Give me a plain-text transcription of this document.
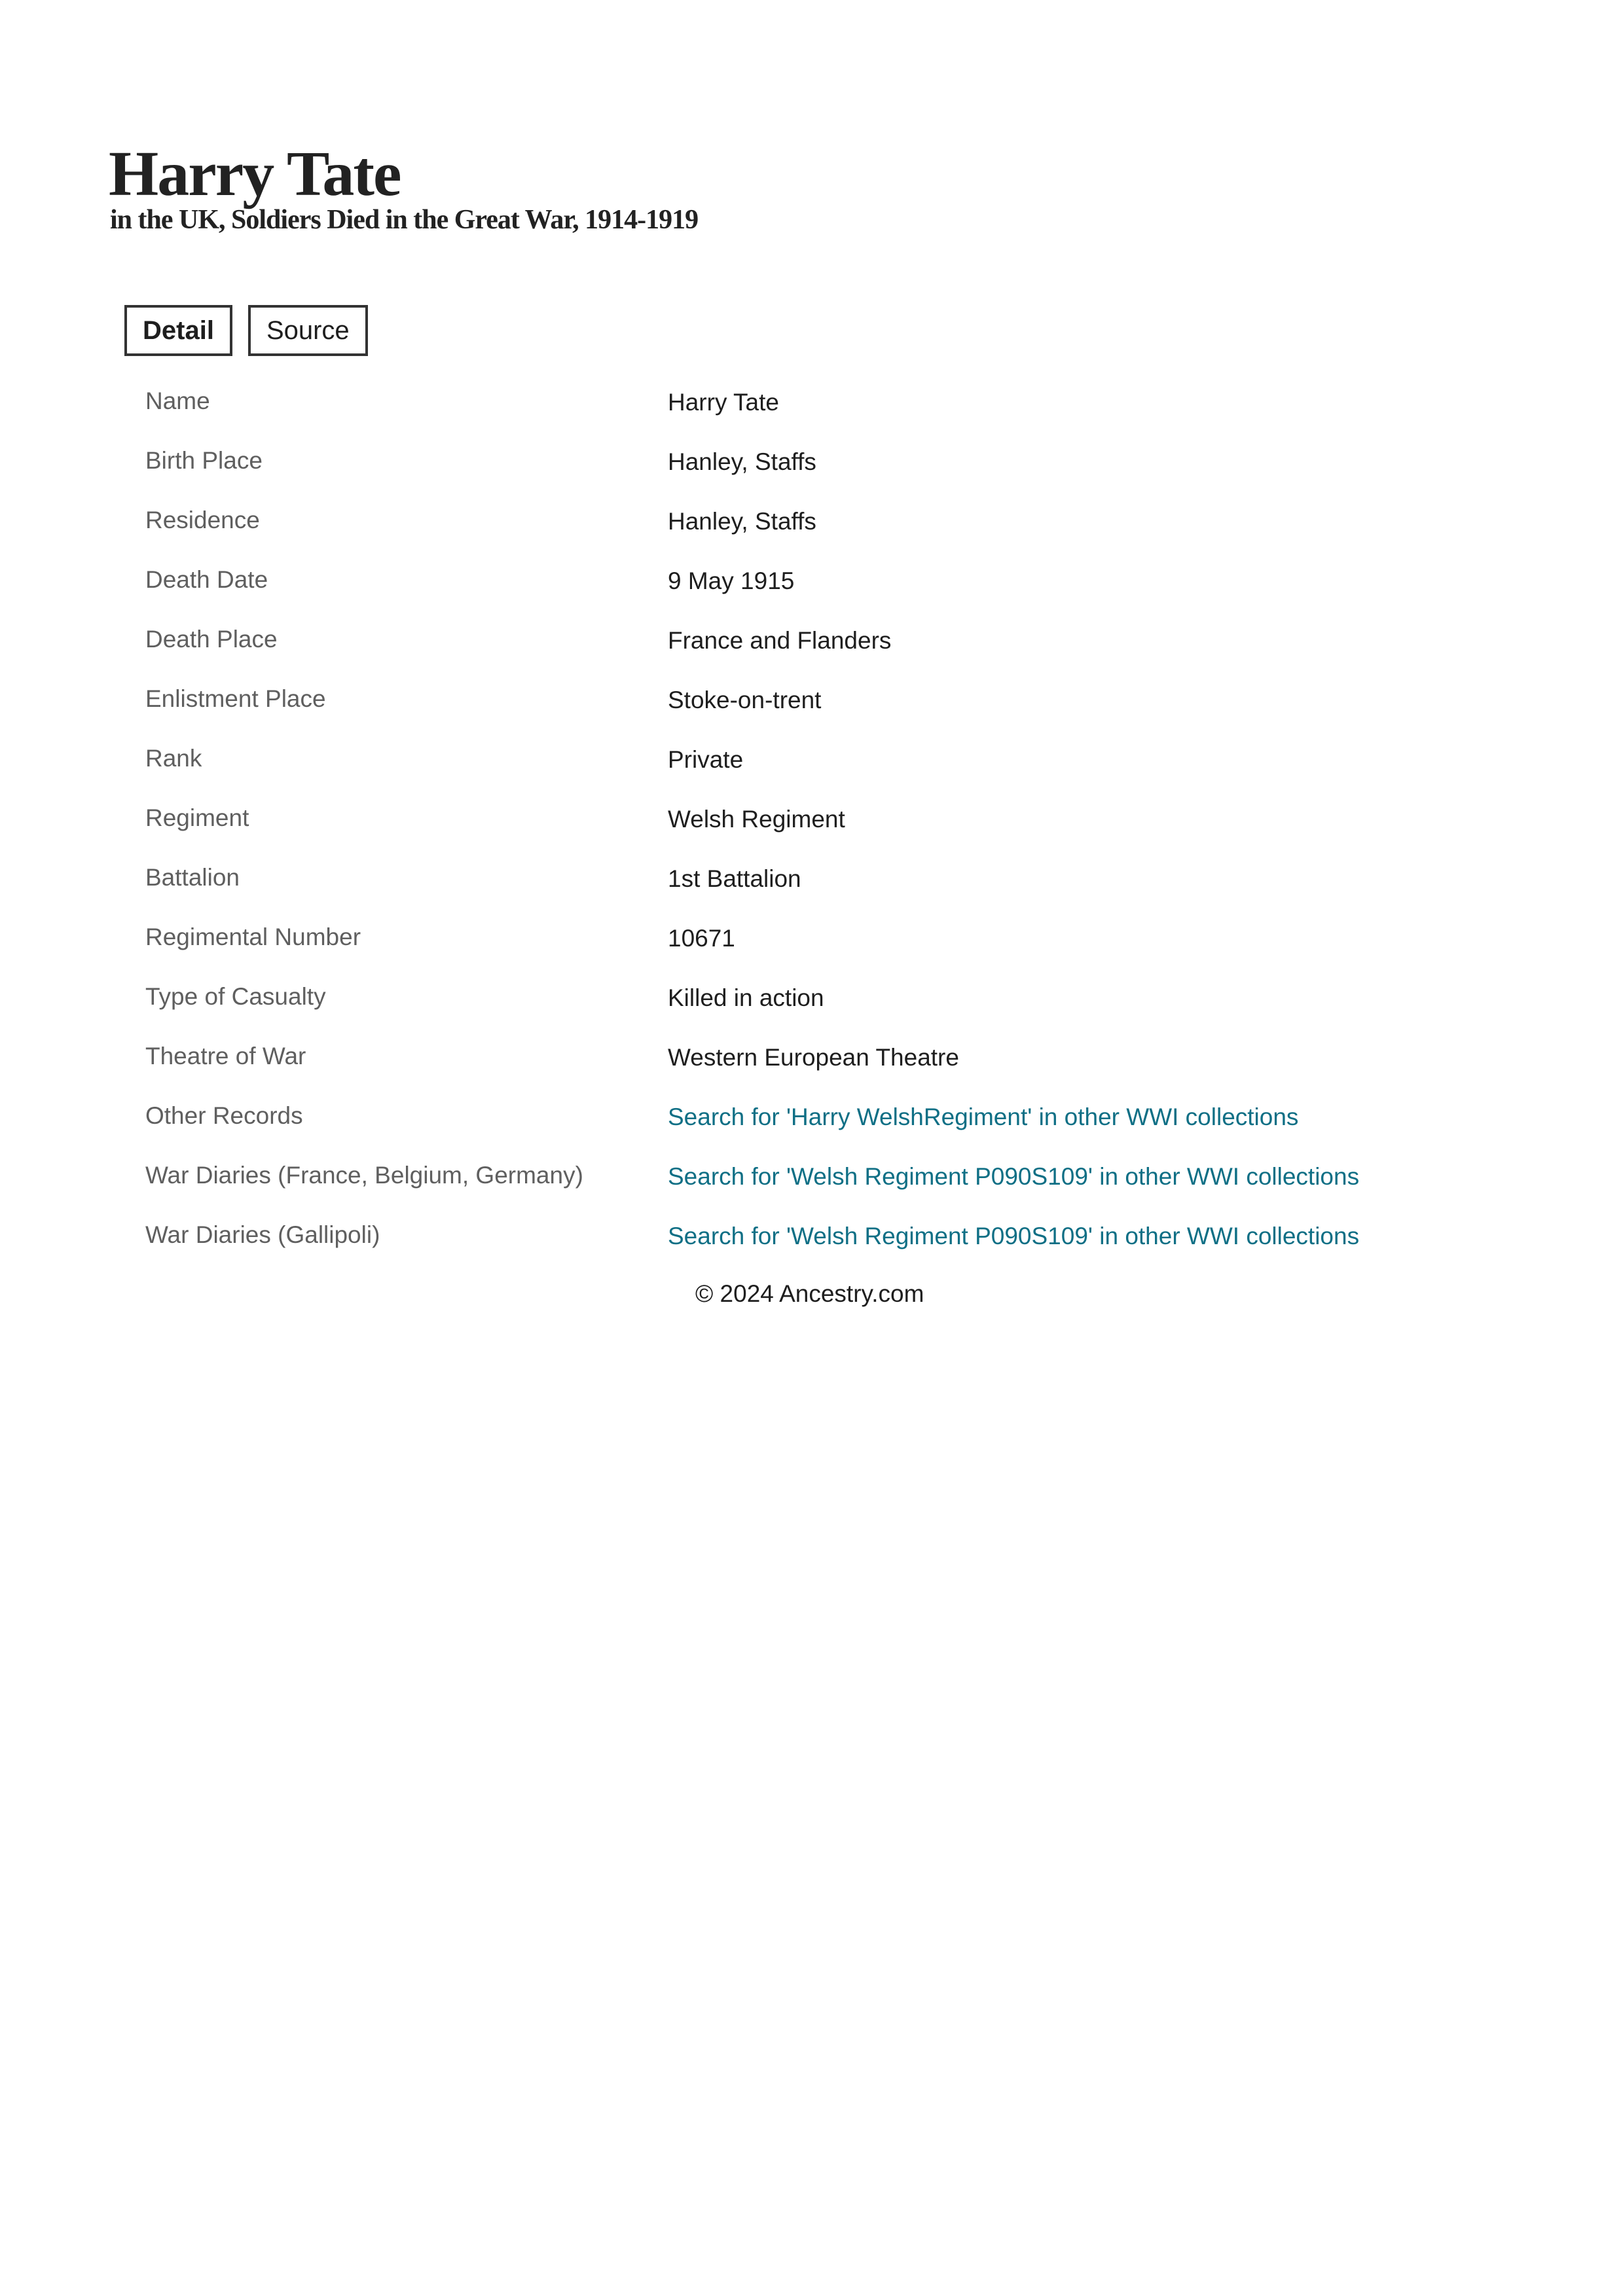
Harry Tate
in the UK, Soldiers Died in the Great War, 1914-1919
Detail	Source
Name	Harry Tate
Birth Place	Hanley, Staffs
Residence	Hanley, Staffs
Death Date	9 May 1915
Death Place	France and Flanders
Enlistment Place	Stoke-on-trent
Rank	Private
Regiment	Welsh Regiment
Battalion	1st Battalion
Regimental Number	10671
Type of Casualty	Killed in action
Theatre of War	Western European Theatre
Other Records	Search for 'Harry WelshRegiment' in other WWI collections
War Diaries (France, Belgium, Germany)	Search for 'Welsh Regiment P090S109' in other WWI collections
War Diaries (Gallipoli)	Search for 'Welsh Regiment P090S109' in other WWI collections
© 2024 Ancestry.com
